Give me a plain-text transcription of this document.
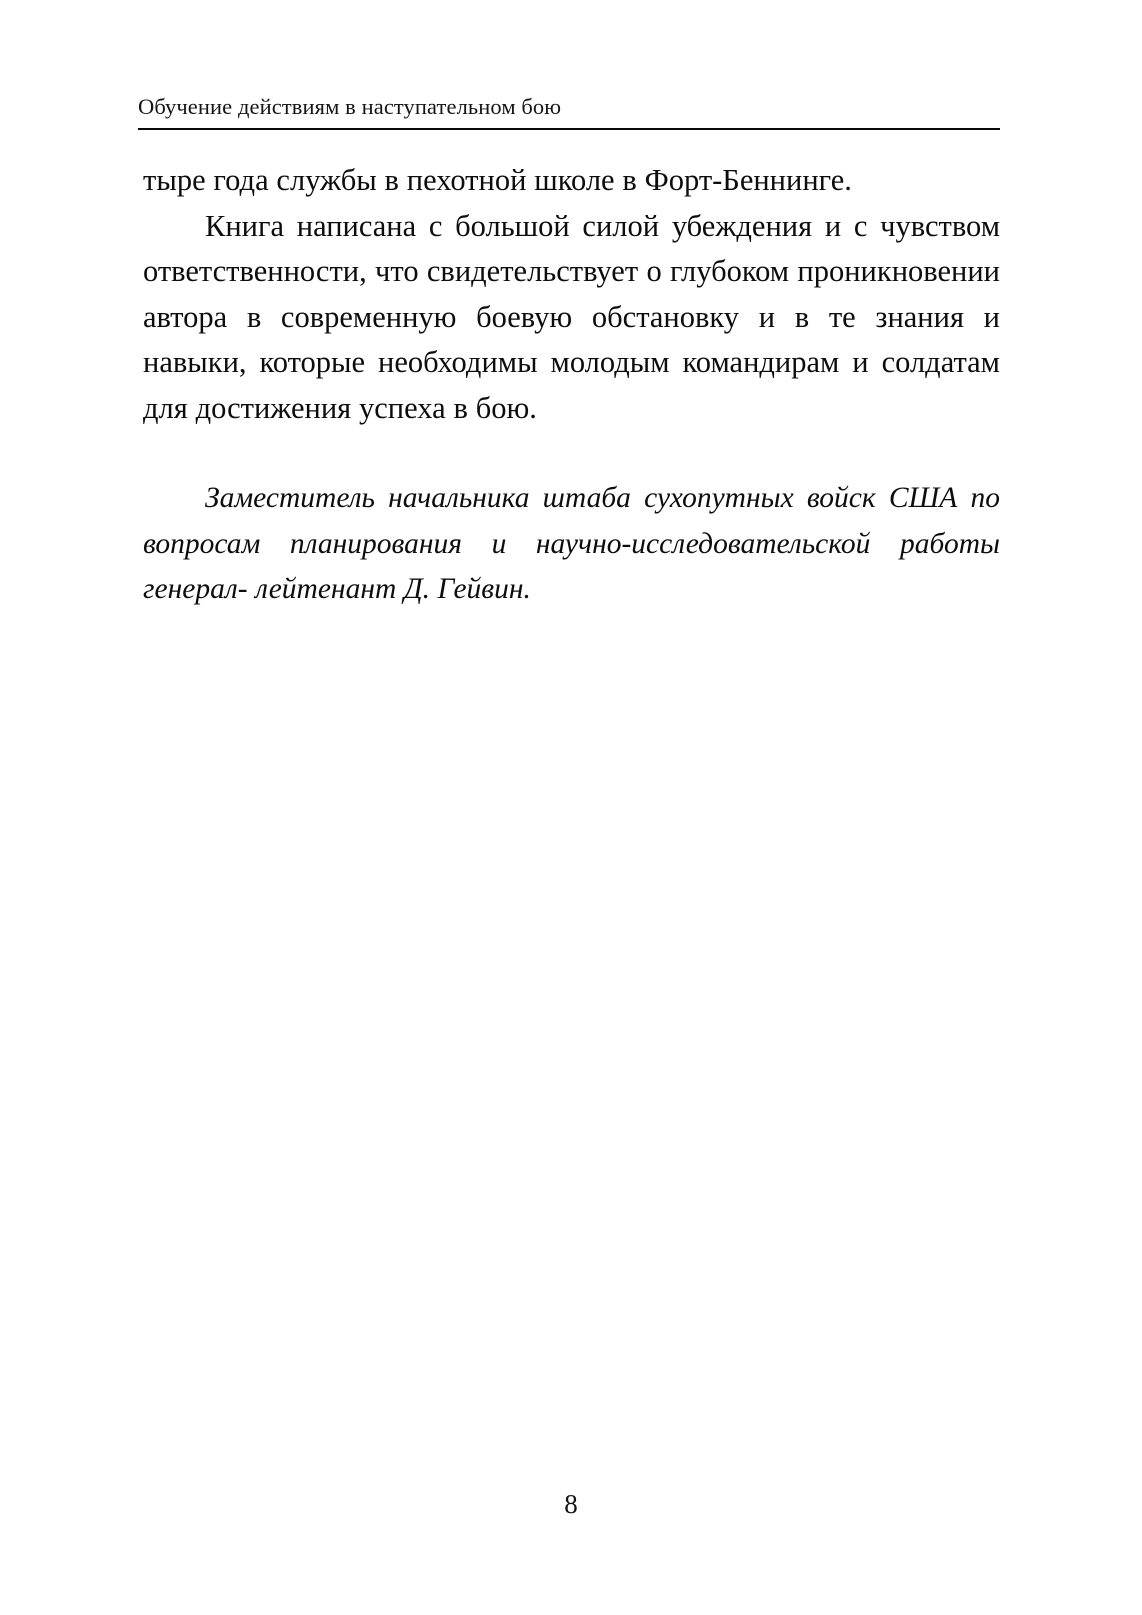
Обучение действиям в наступательном бою

тыре года службы в пехотной школе в Форт-Беннинге.

Книга написана с большой силой убеждения и с чувством ответственности, что свидетельствует о глубоком проникновении автора в современную боевую обстановку и в те знания и навыки, которые необходимы молодым командирам и солдатам для достижения успеха в бою.

Заместитель начальника штаба сухопутных войск США по вопросам планирования и научно-исследовательской работы генерал- лейтенант Д. Гейвин.

8
